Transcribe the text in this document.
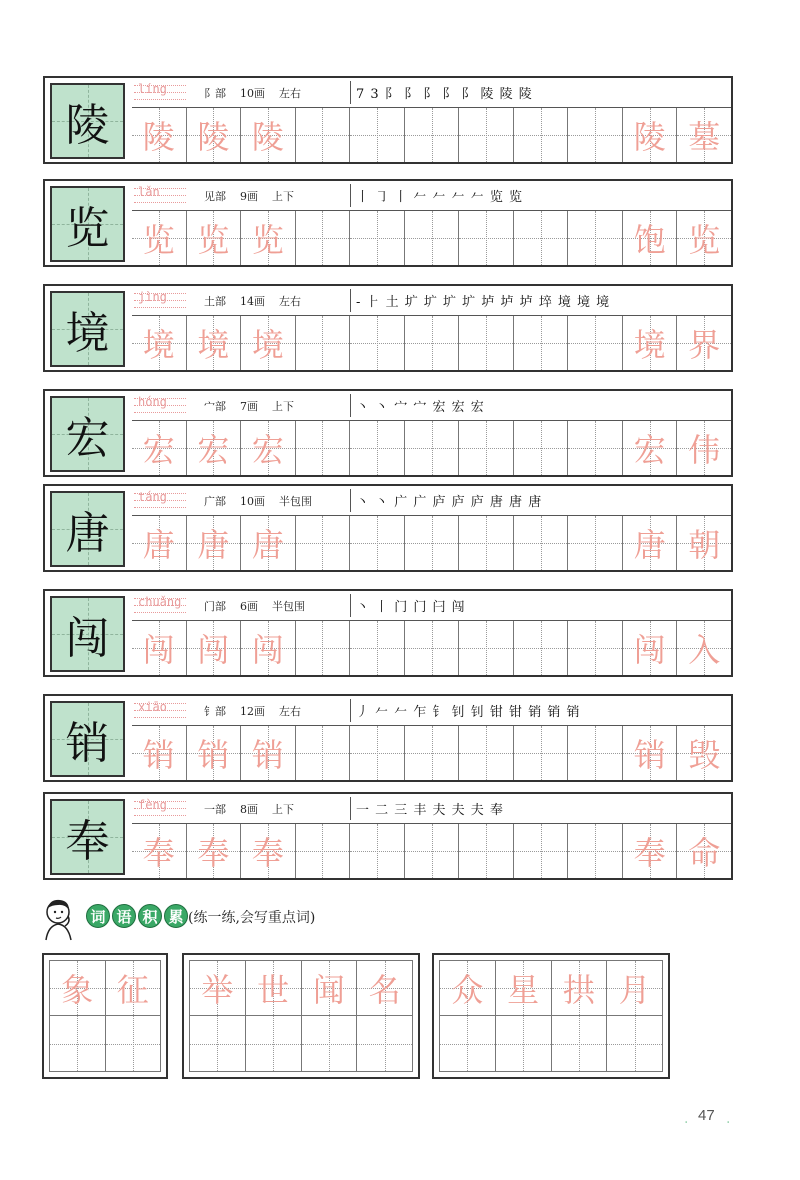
陵
líng	阝部 10画 左右	7 3 阝 阝 阝 阝 阝 陵 陵 陵
陵 陵 陵	陵 墓
览
lǎn	见部 9画 上下	丨 ㇆ 丨 𠂉 𠂉 𠂉 𠂉 览 览
览 览 览	饱 览
境
jìng	土部 14画 左右	- ⺊ 土 圹 圹 圹 圹 垆 垆 垆 埣 境 境 境
境 境 境	境 界
宏
hóng	宀部 7画 上下	丶 丶 宀 宀 宏 宏 宏
宏 宏 宏	宏 伟
唐
táng	广部 10画 半包围	丶 丶 广 广 庐 庐 庐 唐 唐 唐
唐 唐 唐	唐 朝
闯
chuǎng 门部 6画 半包围	丶 丨 门 门 闩 闯
闯 闯 闯	闯 入
销
xiāo	钅部 12画 左右	丿 𠂉 𠂉 乍 钅 钊 钊 钳 钳 销 销 销
销 销 销	销 毁
奉
fèng	一部 8画 上下	一 二 三 丰 夫 夫 夫 奉
奉 奉 奉	奉 命
词 语 积 累 (练一练,会写重点词)
象 征	举 世 闻 名	众 星 拱 月
· 47 ·
